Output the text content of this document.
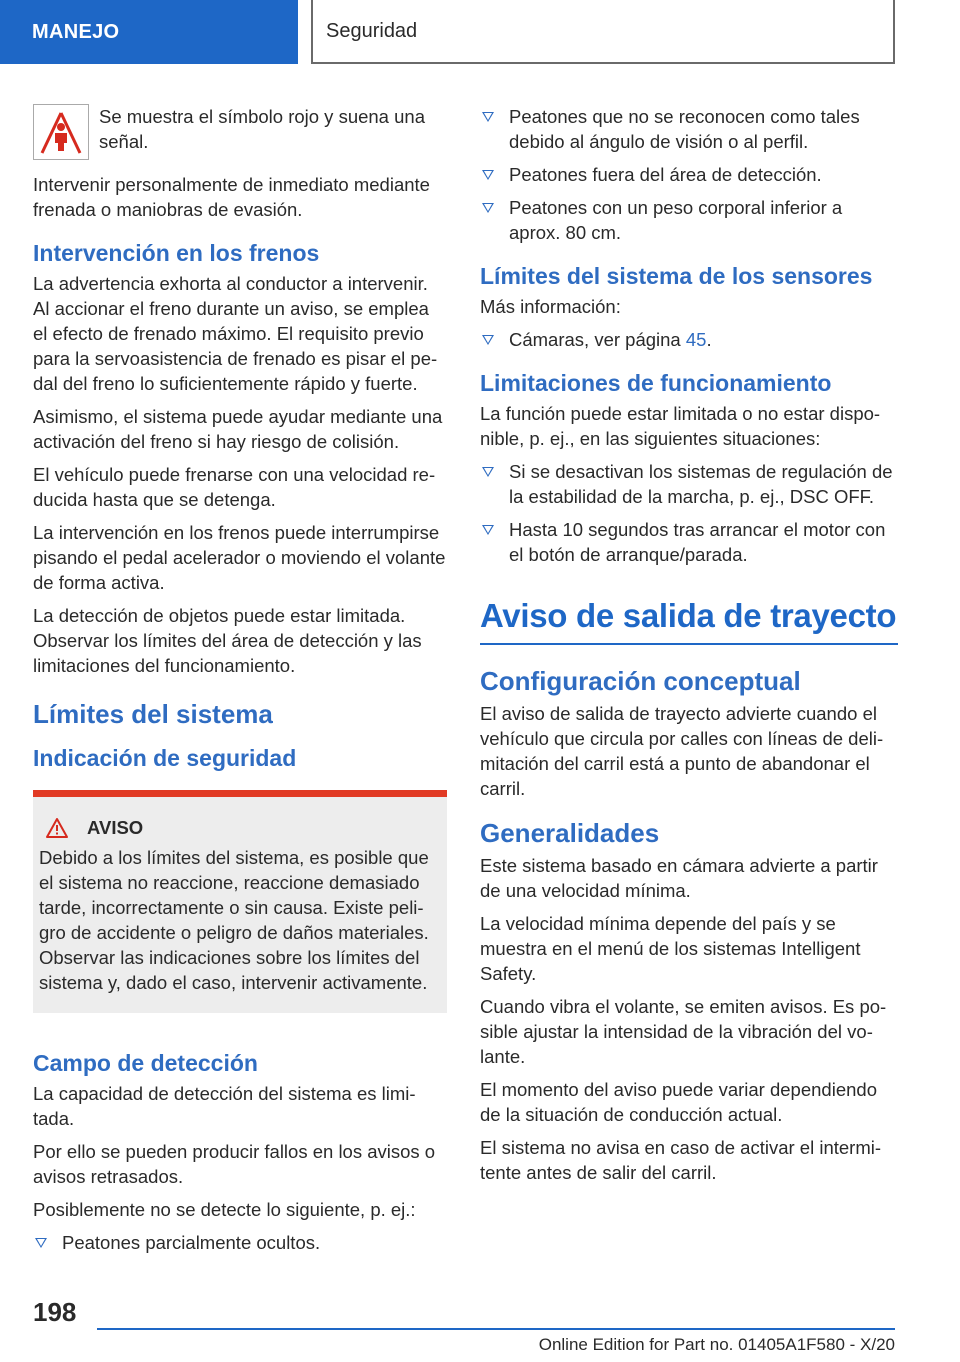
MANEJO	Seguridad
Se muestra el símbolo rojo y suena una señal.

Intervenir personalmente de inmediato mediante frenada o maniobras de evasión.

Intervención en los frenos

La advertencia exhorta al conductor a intervenir. Al accionar el freno durante un aviso, se emplea el efecto de frenado máximo. El requisito previo para la servoasistencia de frenado es pisar el pedal del freno lo suficientemente rápido y fuerte.

Asimismo, el sistema puede ayudar mediante una activación del freno si hay riesgo de colisión.

El vehículo puede frenarse con una velocidad reducida hasta que se detenga.

La intervención en los frenos puede interrumpirse pisando el pedal acelerador o moviendo el volante de forma activa.

La detección de objetos puede estar limitada. Observar los límites del área de detección y las limitaciones del funcionamiento.

Límites del sistema
Indicación de seguridad
AVISO
Debido a los límites del sistema, es posible que el sistema no reaccione, reaccione demasiado tarde, incorrectamente o sin causa. Existe peligro de accidente o peligro de daños materiales. Observar las indicaciones sobre los límites del sistema y, dado el caso, intervenir activamente.
Campo de detección

La capacidad de detección del sistema es limitada.

Por ello se pueden producir fallos en los avisos o avisos retrasados.

Posiblemente no se detecte lo siguiente, p. ej.:

Peatones parcialmente ocultos.
Peatones que no se reconocen como tales debido al ángulo de visión o al perfil.
Peatones fuera del área de detección.
Peatones con un peso corporal inferior a aprox. 80 cm.
Límites del sistema de los sensores

Más información:

Cámaras, ver página 45.
Limitaciones de funcionamiento

La función puede estar limitada o no estar disponible, p. ej., en las siguientes situaciones:

Si se desactivan los sistemas de regulación de la estabilidad de la marcha, p. ej., DSC OFF.
Hasta 10 segundos tras arrancar el motor con el botón de arranque/parada.
Aviso de salida de trayecto
Configuración conceptual

El aviso de salida de trayecto advierte cuando el vehículo que circula por calles con líneas de delimitación del carril está a punto de abandonar el carril.

Generalidades

Este sistema basado en cámara advierte a partir de una velocidad mínima.

La velocidad mínima depende del país y se muestra en el menú de los sistemas Intelligent Safety.

Cuando vibra el volante, se emiten avisos. Es posible ajustar la intensidad de la vibración del volante.

El momento del aviso puede variar dependiendo de la situación de conducción actual.

El sistema no avisa en caso de activar el intermitente antes de salir del carril.

198
Online Edition for Part no. 01405A1F580 - X/20
